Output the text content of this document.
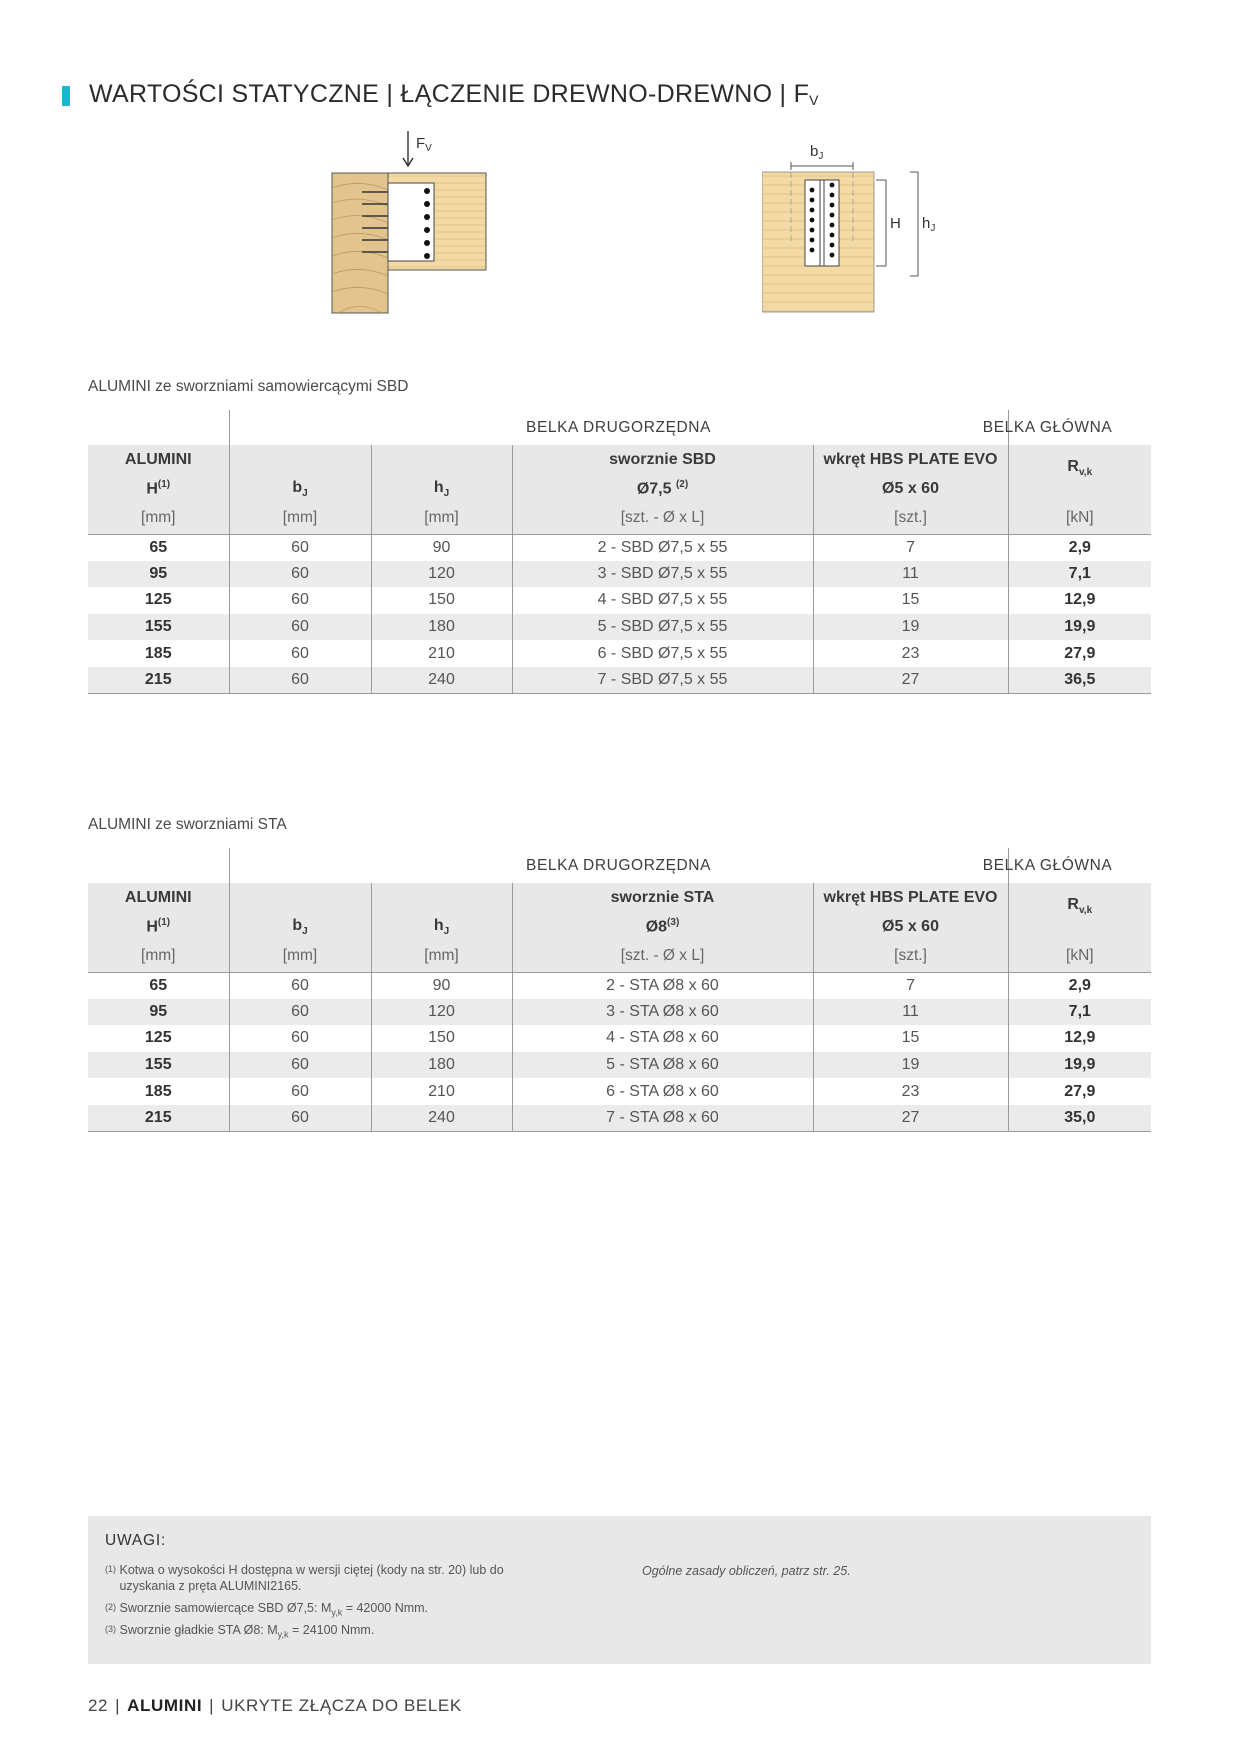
WARTOŚCI STATYCZNE | ŁĄCZENIE DREWNO-DREWNO | $F_V$
$F_V$	$b_J$
H $h_J$
ALUMINI ze sworzniami samowiercącymi SBD
	BELKA DRUGORZĘDNA				BELKA GŁÓWNA
ALUMINI			sworznie SBD	wkręt HBS PLATE EVO	$R_{v,k}$
$H^{(1)}$	$b_J$	$h_J$	Ø7,5 $^{(2)}$	Ø5 x 60	
[mm]	[mm]	[mm]	[szt. - Ø x L]	[szt.]	[kN]
65	60	90	2 - SBD Ø7,5 x 55	7	2,9
95	60	120	3 - SBD Ø7,5 x 55	11	7,1
125	60	150	4 - SBD Ø7,5 x 55	15	12,9
155	60	180	5 - SBD Ø7,5 x 55	19	19,9
185	60	210	6 - SBD Ø7,5 x 55	23	27,9
215	60	240	7 - SBD Ø7,5 x 55	27	36,5
ALUMINI ze sworzniami STA
	BELKA DRUGORZĘDNA				BELKA GŁÓWNA
ALUMINI			sworznie STA	wkręt HBS PLATE EVO	$R_{v,k}$
$H^{(1)}$	$b_J$	$h_J$	Ø8$^{(3)}$	Ø5 x 60	
[mm]	[mm]	[mm]	[szt. - Ø x L]	[szt.]	[kN]
65	60	90	2 - STA Ø8 x 60	7	2,9
95	60	120	3 - STA Ø8 x 60	11	7,1
125	60	150	4 - STA Ø8 x 60	15	12,9
155	60	180	5 - STA Ø8 x 60	19	19,9
185	60	210	6 - STA Ø8 x 60	23	27,9
215	60	240	7 - STA Ø8 x 60	27	35,0
UWAGI:
$^{(1)}$ Kotwa o wysokości H dostępna w wersji ciętej (kody na str. 20) lub do
uzyskania z pręta ALUMINI2165.
$^{(2)}$ Sworznie samowiercące SBD Ø7,5: $M_{y,k} = 42000$ Nmm.
$^{(3)}$ Sworznie gładkie STA Ø8: $M_{y,k} = 24100$ Nmm.
Ogólne zasady obliczeń, patrz str. 25.
22 | ALUMINI | UKRYTE ZŁĄCZA DO BELEK
